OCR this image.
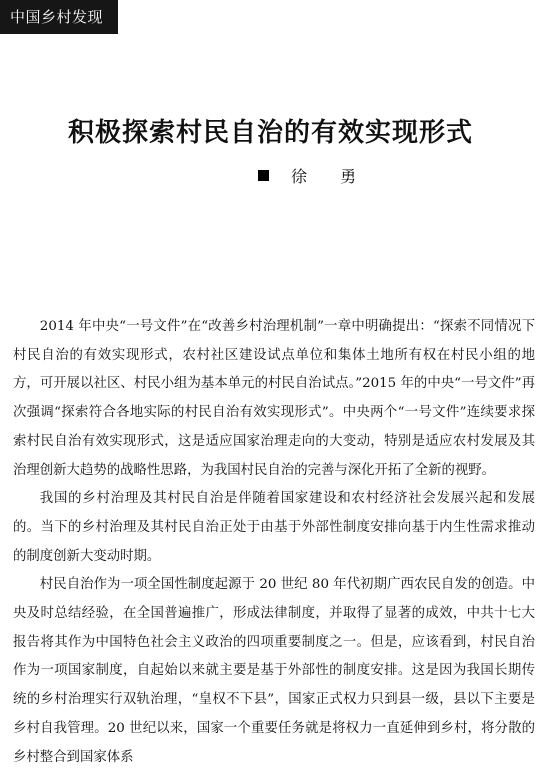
中国乡村发现
积极探索村民自治的有效实现形式
徐 勇

2014 年中央“一号文件”在“改善乡村治理机制”一章中明确提出：“探索不同情况下村民自治的有效实现形式，农村社区建设试点单位和集体土地所有权在村民小组的地方，可开展以社区、村民小组为基本单元的村民自治试点。”2015 年的中央“一号文件”再次强调“探索符合各地实际的村民自治有效实现形式”。中央两个“一号文件”连续要求探索村民自治有效实现形式，这是适应国家治理走向的大变动，特别是适应农村发展及其治理创新大趋势的战略性思路，为我国村民自治的完善与深化开拓了全新的视野。

我国的乡村治理及其村民自治是伴随着国家建设和农村经济社会发展兴起和发展的。当下的乡村治理及其村民自治正处于由基于外部性制度安排向基于内生性需求推动的制度创新大变动时期。

村民自治作为一项全国性制度起源于 20 世纪 80 年代初期广西农民自发的创造。中央及时总结经验，在全国普遍推广，形成法律制度，并取得了显著的成效，中共十七大报告将其作为中国特色社会主义政治的四项重要制度之一。但是，应该看到，村民自治作为一项国家制度，自起始以来就主要是基于外部性的制度安排。这是因为我国长期传统的乡村治理实行双轨治理，“皇权不下县”，国家正式权力只到县一级，县以下主要是乡村自我管理。20 世纪以来，国家一个重要任务就是将权力一直延伸到乡村，将分散的乡村整合到国家体系
